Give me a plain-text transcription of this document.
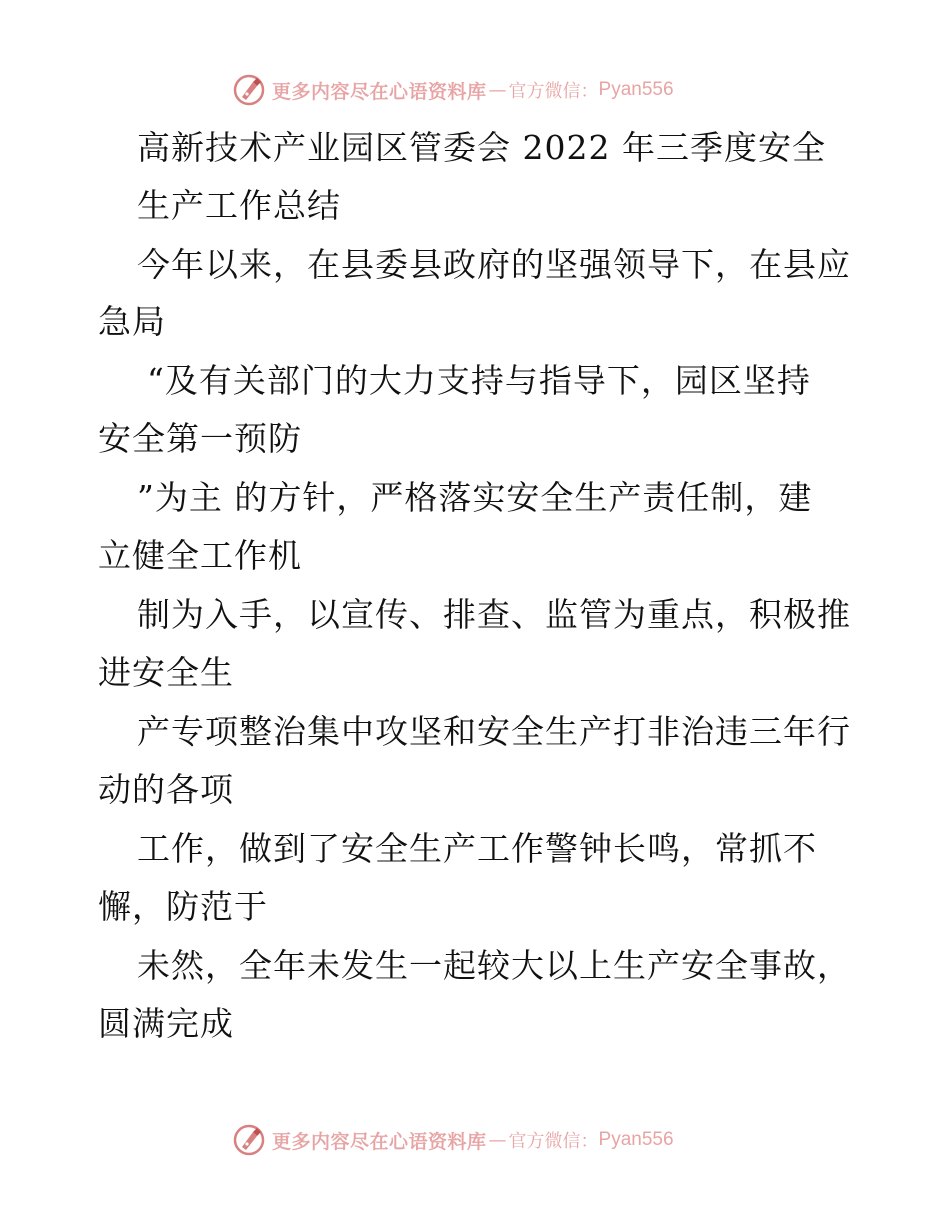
更多内容尽在心语资料库 — 官方微信： Pyan556
高新技术产业园区管委会 2022 年三季度安全
生产工作总结
今年以来，在县委县政府的坚强领导下，在县应
急局
“及有关部门的大力支持与指导下，园区坚持
安全第一预防
”为主 的方针，严格落实安全生产责任制，建
立健全工作机
制为入手，以宣传、排查、监管为重点，积极推
进安全生
产专项整治集中攻坚和安全生产打非治违三年行
动的各项
工作，做到了安全生产工作警钟长鸣，常抓不
懈，防范于
未然，全年未发生一起较大以上生产安全事故，
圆满完成
更多内容尽在心语资料库 — 官方微信： Pyan556
